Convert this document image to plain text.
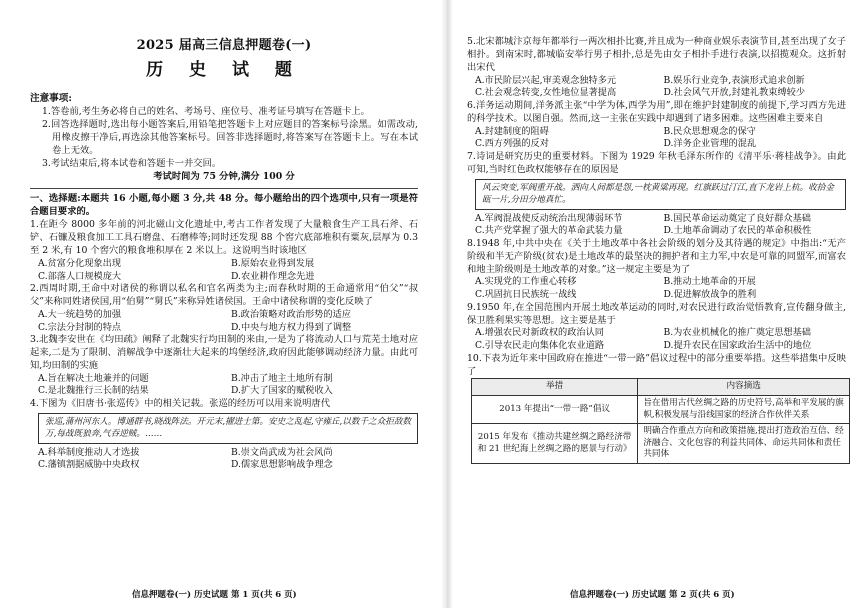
2025 届高三信息押题卷(一)

历 史 试 题

注意事项:

1.答卷前,考生务必将自己的姓名、考场号、座位号、准考证号填写在答题卡上。

2.回答选择题时,选出每小题答案后,用铅笔把答题卡上对应题目的答案标号涂黑。如需改动,用橡皮擦干净后,再选涂其他答案标号。回答非选择题时,将答案写在答题卡上。写在本试卷上无效。

3.考试结束后,将本试卷和答题卡一并交回。

考试时间为 75 分钟,满分 100 分

一、选择题:本题共 16 小题,每小题 3 分,共 48 分。每小题给出的四个选项中,只有一项是符合题目要求的。

1.在距今 8000 多年前的河北磁山文化遗址中,考古工作者发现了大量粮食生产工具石斧、石铲、石镰及粮食加工工具石磨盘、石磨棒等;同时还发现 88 个窖穴底部堆积有粟灰,层厚为 0.3 至 2 米,有 10 个窖穴的粮食堆积厚在 2 米以上。这说明当时该地区

A.贫富分化现象出现	B.原始农业得到发展
C.部落人口规模庞大	D.农业耕作理念先进

2.西周时期,王命中对诸侯的称谓以私名和官名两类为主;而春秋时期的王命通常用“伯父”“叔父”来称同姓诸侯国,用“伯舅”“舅氏”来称异姓诸侯国。王命中诸侯称谓的变化反映了

A.大一统趋势的加强	B.政治策略对政治形势的适应
C.宗法分封制的特点	D.中央与地方权力得到了调整

3.北魏李安世在《均田疏》阐释了北魏实行均田制的来由,一是为了将流动人口与荒芜土地对应起来,二是为了限制、消解战争中逐渐壮大起来的坞堡经济,政府因此能够调动经济力量。由此可知,均田制的实施

A.旨在解决土地兼并的问题	B.冲击了地主土地所有制
C.是北魏推行三长制的结果	D.扩大了国家的赋税收入

4.下图为《旧唐书·张巡传》中的相关记载。张巡的经历可以用来说明唐代

张巡,蒲州河东人。博通群书,晓战阵法。开元末,擢进士第。安史之乱起,守雍丘,以数千之众拒敌数万,每战既狼奔,气吞逆贼。……
A.科举制度推动人才选拔	B.崇文尚武成为社会风尚
C.藩镇割据威胁中央政权	D.儒家思想影响战争理念
信息押题卷(一) 历史试题 第 1 页(共 6 页)

5.北宋都城汴京每年都举行一两次相扑比赛,并且成为一种商业娱乐表演节目,甚至出现了女子相扑。到南宋时,都城临安举行男子相扑,总是先由女子相扑手进行表演,以招揽观众。这折射出宋代

A.市民阶层兴起,审美观念独特多元	B.娱乐行业竞争,表演形式追求创新
C.社会观念转变,女性地位显著提高	D.社会风气开放,封建礼教束缚较少

6.洋务运动期间,洋务派主张“中学为体,西学为用”,即在维护封建制度的前提下,学习西方先进的科学技术。以图自强。然而,这一主张在实践中却遇到了诸多困难。这些困难主要来自

A.封建制度的阻碍	B.民众思想观念的保守
C.西方列强的反对	D.洋务企业管理的混乱

7.诗词是研究历史的重要材料。下图为 1929 年秋毛泽东所作的《清平乐·蒋桂战争》。由此可知,当时红色政权能够存在的原因是

风云突变,军阀重开战。洒向人间都是怨,一枕黄粱再现。红旗跃过汀江,直下龙岩上杭。收拾金瓯一片,分田分地真忙。
A.军阀混战使反动统治出现薄弱环节	B.国民革命运动奠定了良好群众基础
C.共产党掌握了强大的革命武装力量	D.土地革命调动了农民的革命积极性

8.1948 年,中共中央在《关于土地改革中各社会阶级的划分及其待遇的规定》中指出:“无产阶级和半无产阶级(贫农)是土地改革的最坚决的拥护者和主力军,中农是可靠的同盟军,而富农和地主阶级则是土地改革的对象。”这一规定主要是为了

A.实现党的工作重心转移	B.推动土地革命的开展
C.巩固抗日民族统一战线	D.促进解放战争的胜利

9.1950 年,在全国范围内开展土地改革运动的同时,对农民进行政治觉悟教育,宣传翻身做主,保卫胜利果实等思想。这主要是基于

A.增强农民对新政权的政治认同	B.为农业机械化的推广奠定思想基础
C.引导农民走向集体化农业道路	D.提升农民在国家政治生活中的地位

10.下表为近年来中国政府在推进“一带一路”倡议过程中的部分重要举措。这些举措集中反映了

举措	内容摘选
2013 年提出“一带一路”倡议	旨在借用古代丝绸之路的历史符号,高举和平发展的旗帜,积极发展与沿线国家的经济合作伙伴关系
2015 年发布《推动共建丝绸之路经济带和 21 世纪海上丝绸之路的愿景与行动》	明确合作重点方向和政策措施,提出打造政治互信、经济融合、文化包容的利益共同体、命运共同体和责任共同体
信息押题卷(一) 历史试题 第 2 页(共 6 页)
